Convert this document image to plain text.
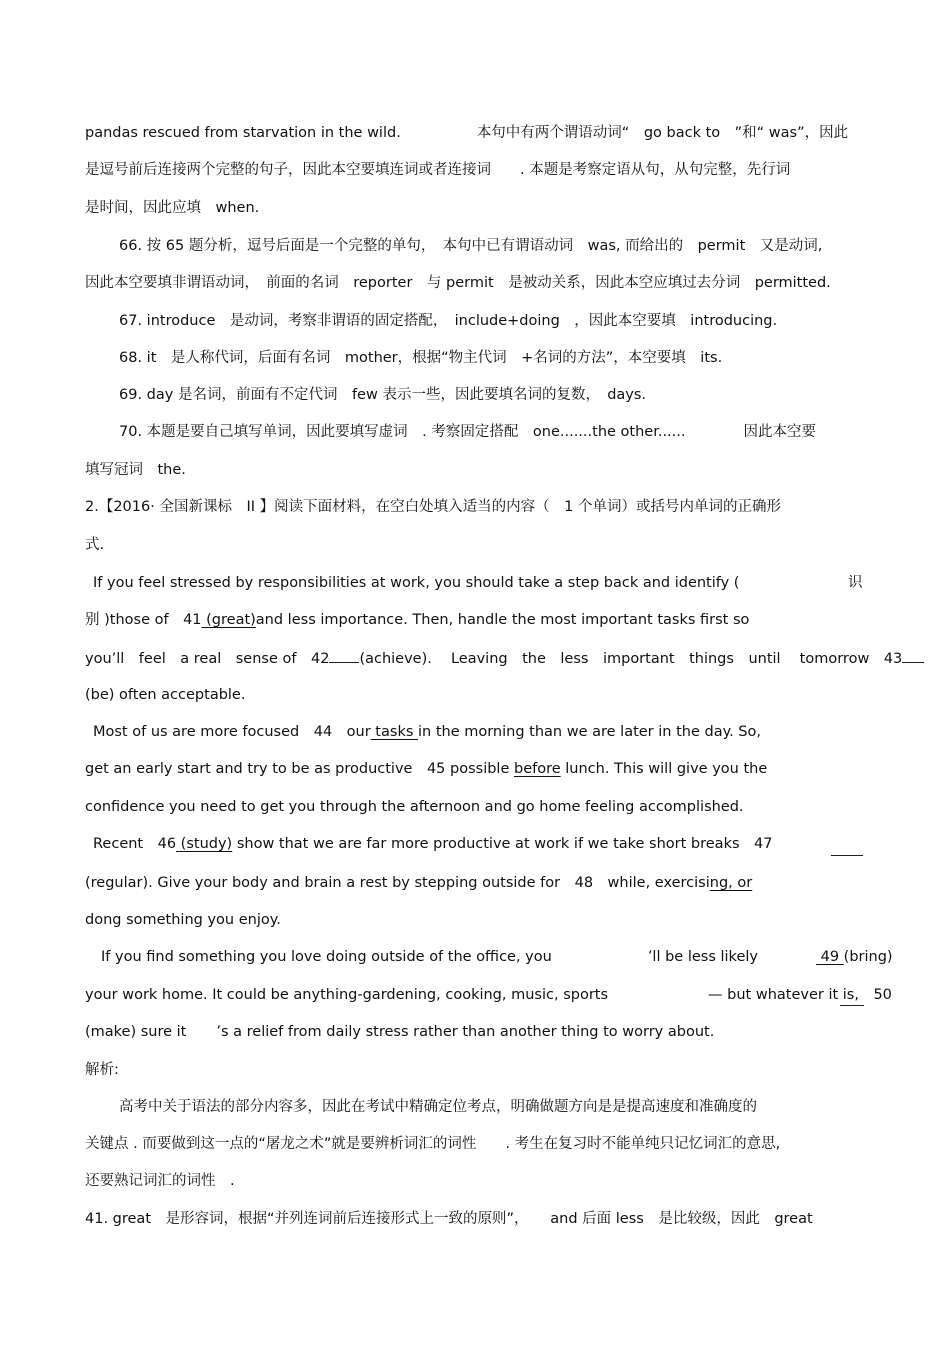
pandas rescued from starvation in the wild.	本句中有两个谓语动词“　go back to　”和“ was”，因此
是逗号前后连接两个完整的句子，因此本空要填连词或者连接词　　. 本题是考察定语从句，从句完整，先行词
是时间，因此应填　when.
66. 按 65 题分析，逗号后面是一个完整的单句，　本句中已有谓语动词　was, 而给出的　permit　又是动词,
因此本空要填非谓语动词，　前面的名词　reporter　与 permit　是被动关系，因此本空应填过去分词　permitted.
67. introduce　是动词，考察非谓语的固定搭配，　include+doing　，因此本空要填　introducing.
68. it　是人称代词，后面有名词　mother，根据“物主代词　+名词的方法”，本空要填　its.
69. day 是名词，前面有不定代词　few 表示一些，因此要填名词的复数，　days.
70. 本题是要自己填写单词，因此要填写虚词　. 考察固定搭配　one.......the other......　　　　因此本空要
填写冠词　the.
2.【2016· 全国新课标　II 】阅读下面材料，在空白处填入适当的内容（　1 个单词）或括号内单词的正确形
式.
If you feel stressed by responsibilities at work, you should take a step back and identify (	识
别 )those of　41 (great)and less importance. Then, handle the most important tasks first so
you’ll　feel　a real　sense of　42 (achieve).　 Leaving　the　less　important　things　until　 tomorrow　43
(be) often acceptable.
Most of us are more focused　44　our tasks in the morning than we are later in the day. So,
get an early start and try to be as productive　45 possible before lunch. This will give you the
confidence you need to get you through the afternoon and go home feeling accomplished.
Recent　46 (study) show that we are far more productive at work if we take short breaks　47
(regular). Give your body and brain a rest by stepping outside for　48　while, exercising, or
dong something you enjoy.
If you find something you love doing outside of the office, you	’ll be less likely	49 (bring)
your work home. It could be anything-gardening, cooking, music, sports	— but whatever it is,　50
(make) sure it ’s a relief from daily stress rather than another thing to worry about.
解析:
高考中关于语法的部分内容多，因此在考试中精确定位考点，明确做题方向是是提高速度和准确度的
关键点 . 而要做到这一点的“屠龙之术”就是要辨析词汇的词性　　. 考生在复习时不能单纯只记忆词汇的意思,
还要熟记词汇的词性　.
41. great　是形容词，根据“并列连词前后连接形式上一致的原则”，　　and 后面 less　是比较级，因此　great
